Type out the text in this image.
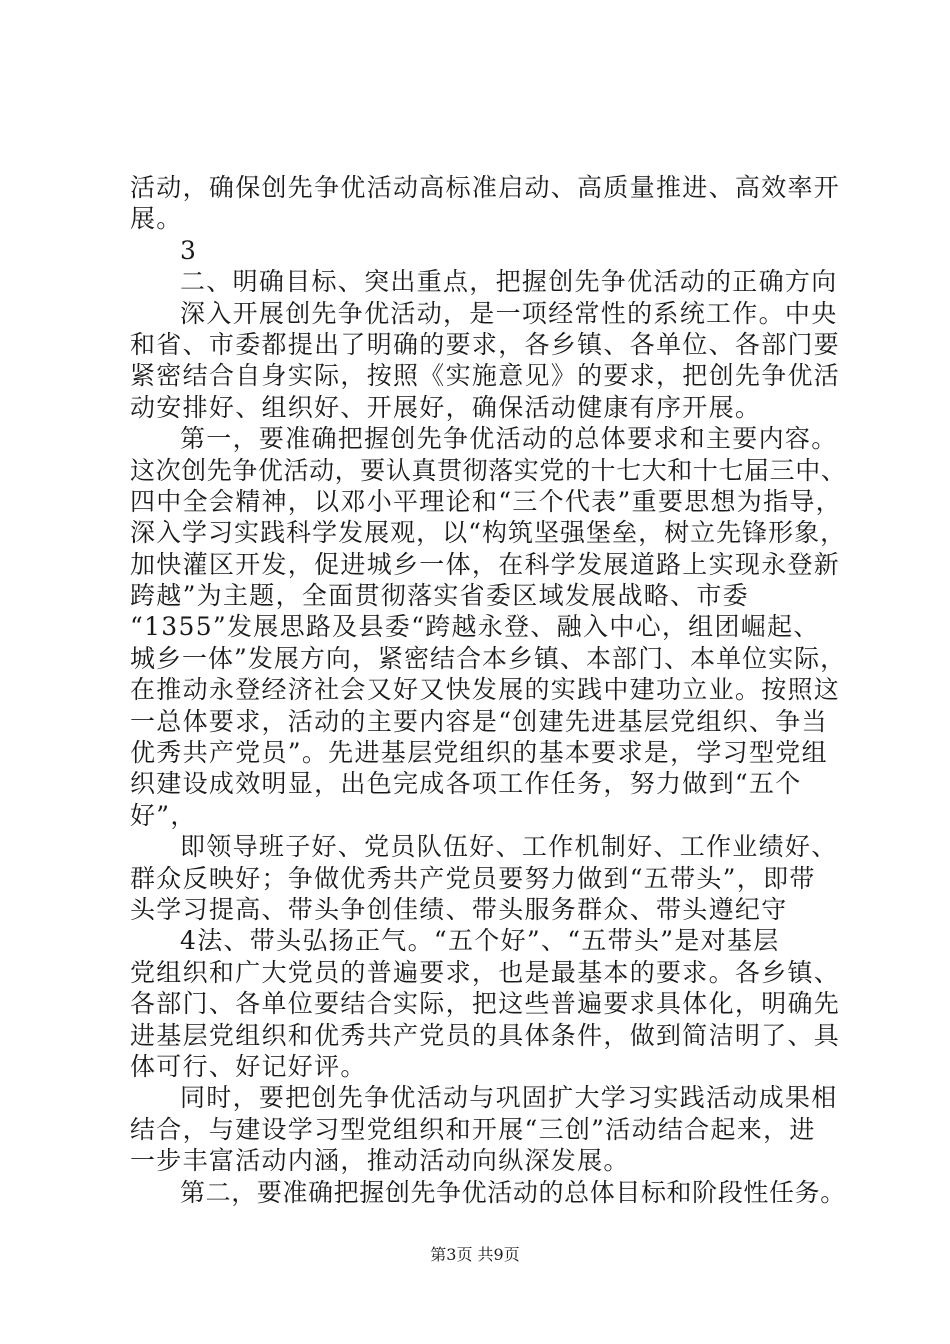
活动，确保创先争优活动高标准启动、高质量推进、高效率开
展。
3
二、明确目标、突出重点，把握创先争优活动的正确方向
深入开展创先争优活动，是一项经常性的系统工作。中央
和省、市委都提出了明确的要求，各乡镇、各单位、各部门要
紧密结合自身实际，按照《实施意见》的要求，把创先争优活
动安排好、组织好、开展好，确保活动健康有序开展。
第一，要准确把握创先争优活动的总体要求和主要内容。
这次创先争优活动，要认真贯彻落实党的十七大和十七届三中、
四中全会精神，以邓小平理论和“三个代表”重要思想为指导，
深入学习实践科学发展观，以“构筑坚强堡垒，树立先锋形象，
加快灌区开发，促进城乡一体，在科学发展道路上实现永登新
跨越”为主题，全面贯彻落实省委区域发展战略、市委
“1355”发展思路及县委“跨越永登、融入中心，组团崛起、
城乡一体”发展方向，紧密结合本乡镇、本部门、本单位实际，
在推动永登经济社会又好又快发展的实践中建功立业。按照这
一总体要求，活动的主要内容是“创建先进基层党组织、争当
优秀共产党员”。先进基层党组织的基本要求是，学习型党组
织建设成效明显，出色完成各项工作任务，努力做到“五个
好”，
即领导班子好、党员队伍好、工作机制好、工作业绩好、
群众反映好；争做优秀共产党员要努力做到“五带头”，即带
头学习提高、带头争创佳绩、带头服务群众、带头遵纪守
4法、带头弘扬正气。“五个好”、“五带头”是对基层
党组织和广大党员的普遍要求，也是最基本的要求。各乡镇、
各部门、各单位要结合实际，把这些普遍要求具体化，明确先
进基层党组织和优秀共产党员的具体条件，做到简洁明了、具
体可行、好记好评。
同时，要把创先争优活动与巩固扩大学习实践活动成果相
结合，与建设学习型党组织和开展“三创”活动结合起来，进
一步丰富活动内涵，推动活动向纵深发展。
第二，要准确把握创先争优活动的总体目标和阶段性任务。
第3页 共9页
